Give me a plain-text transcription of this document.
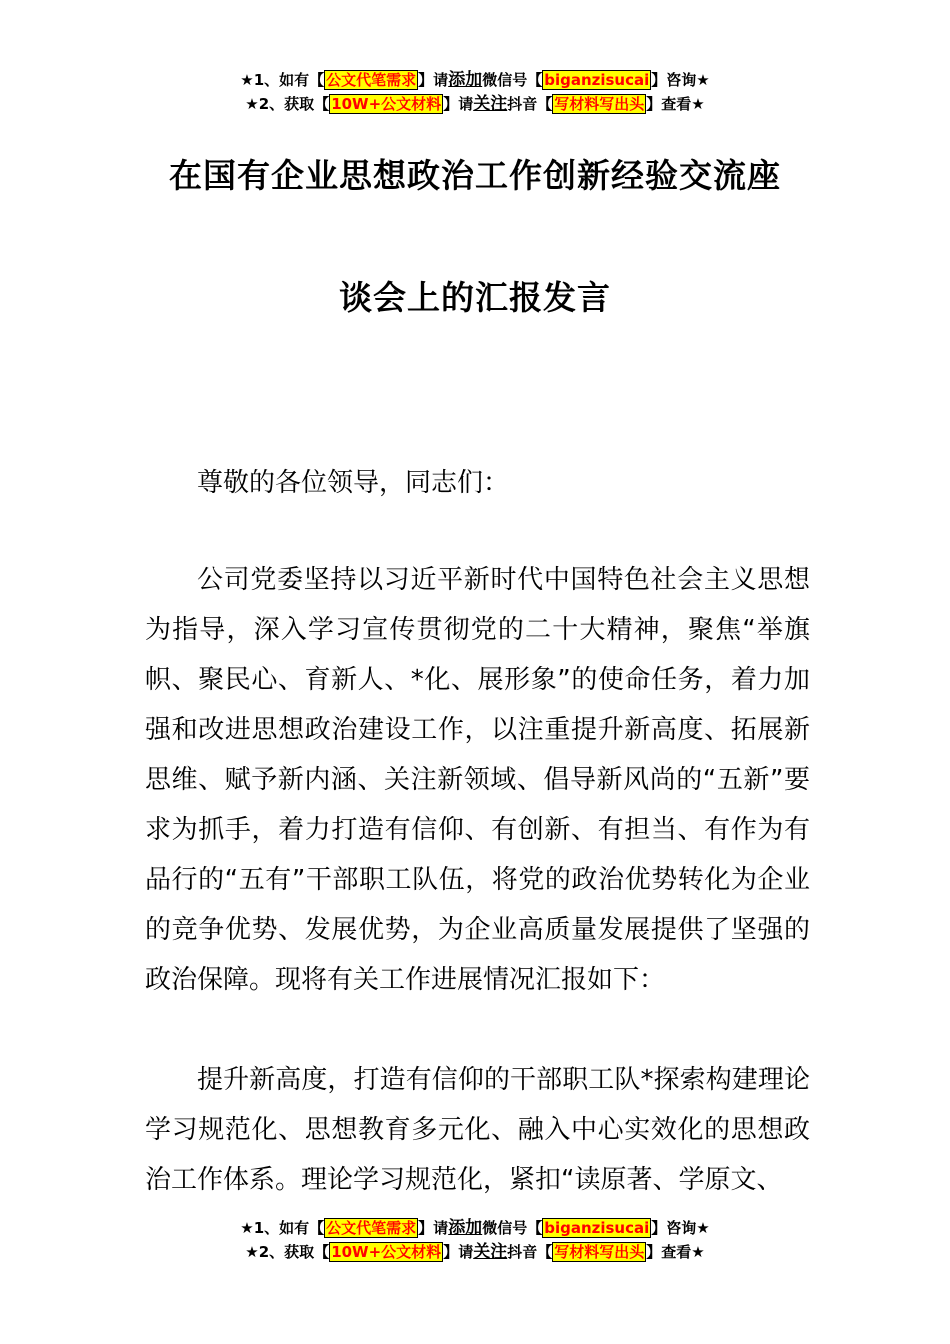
★1、如有【 公文代笔需求 】请添加微信号【 biganzisucai 】咨询★
★2、获取【 10W+公文材料 】请关注抖音【 写材料写出头 】查看★
在国有企业思想政治工作创新经验交流座
谈会上的汇报发言
尊敬的各位领导，同志们：
公司党委坚持以习近平新时代中国特色社会主义思想为指导，深入学习宣传贯彻党的二十大精神，聚焦“举旗帜、聚民心、育新人、*化、展形象”的使命任务，着力加强和改进思想政治建设工作，以注重提升新高度、拓展新思维、赋予新内涵、关注新领域、倡导新风尚的“五新”要求为抓手，着力打造有信仰、有创新、有担当、有作为有品行的“五有”干部职工队伍，将党的政治优势转化为企业的竞争优势、发展优势，为企业高质量发展提供了坚强的政治保障。现将有关工作进展情况汇报如下：
提升新高度，打造有信仰的干部职工队*探索构建理论学习规范化、思想教育多元化、融入中心实效化的思想政治工作体系。理论学习规范化，紧扣“读原著、学原文、
★1、如有【 公文代笔需求 】请添加微信号【 biganzisucai 】咨询★
★2、获取【 10W+公文材料 】请关注抖音【 写材料写出头 】查看★
